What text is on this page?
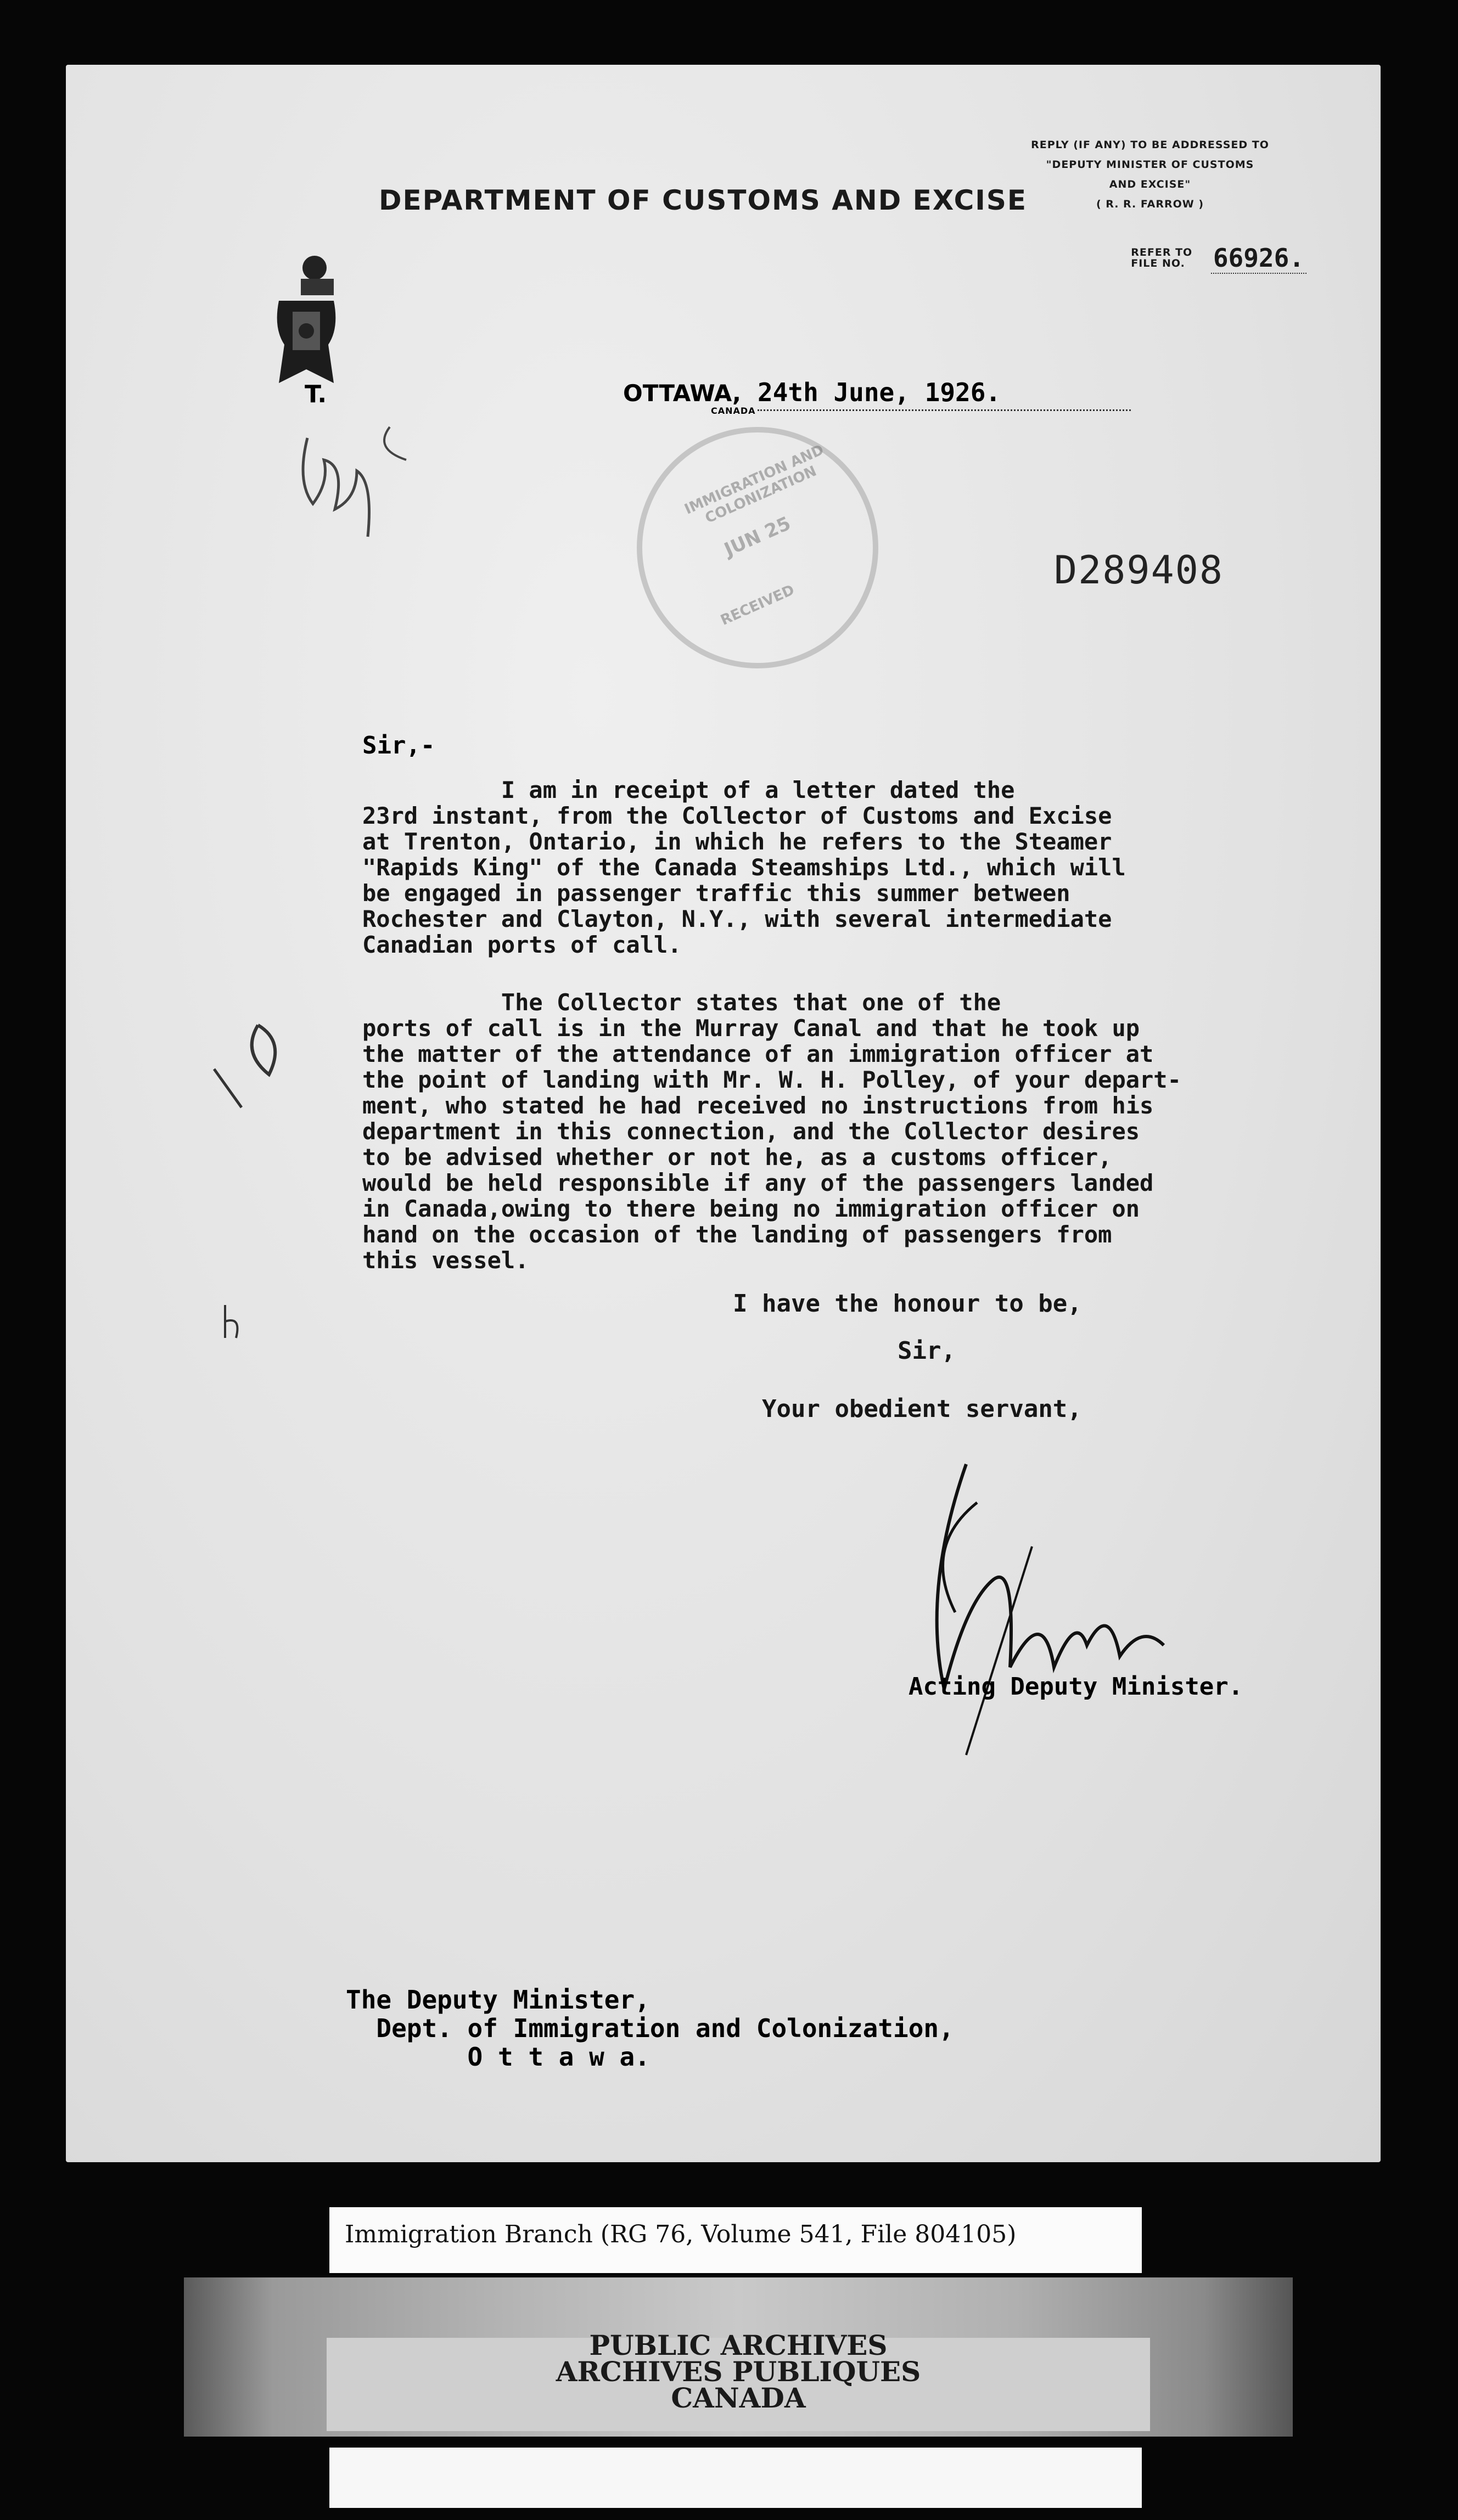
DEPARTMENT OF CUSTOMS AND EXCISE
REPLY (IF ANY) TO BE ADDRESSED TO
"DEPUTY MINISTER OF CUSTOMS
AND EXCISE"
( R. R. FARROW )
REFER TO FILE NO. 66926.
T.	OTTAWA,
CANADA
24th June, 1926.
IMMIGRATION AND COLONIZATION
JUN 25
RECEIVED
D289408
Sir,-
I am in receipt of a letter dated the
23rd instant, from the Collector of Customs and Excise
at Trenton, Ontario, in which he refers to the Steamer
"Rapids King" of the Canada Steamships Ltd., which will
be engaged in passenger traffic this summer between
Rochester and Clayton, N.Y., with several intermediate
Canadian ports of call.
The Collector states that one of the
ports of call is in the Murray Canal and that he took up
the matter of the attendance of an immigration officer at
the point of landing with Mr. W. H. Polley, of your depart-
ment, who stated he had received no instructions from his
department in this connection, and the Collector desires
to be advised whether or not he, as a customs officer,
would be held responsible if any of the passengers landed
in Canada,owing to there being no immigration officer on
hand on the occasion of the landing of passengers from
this vessel.
I have the honour to be,
Sir,
Your obedient servant,
Acting Deputy Minister.
The Deputy Minister,
Dept. of Immigration and Colonization,
O t t a w a.
Immigration Branch (RG 76, Volume 541, File 804105)
PUBLIC ARCHIVES
ARCHIVES PUBLIQUES
CANADA
